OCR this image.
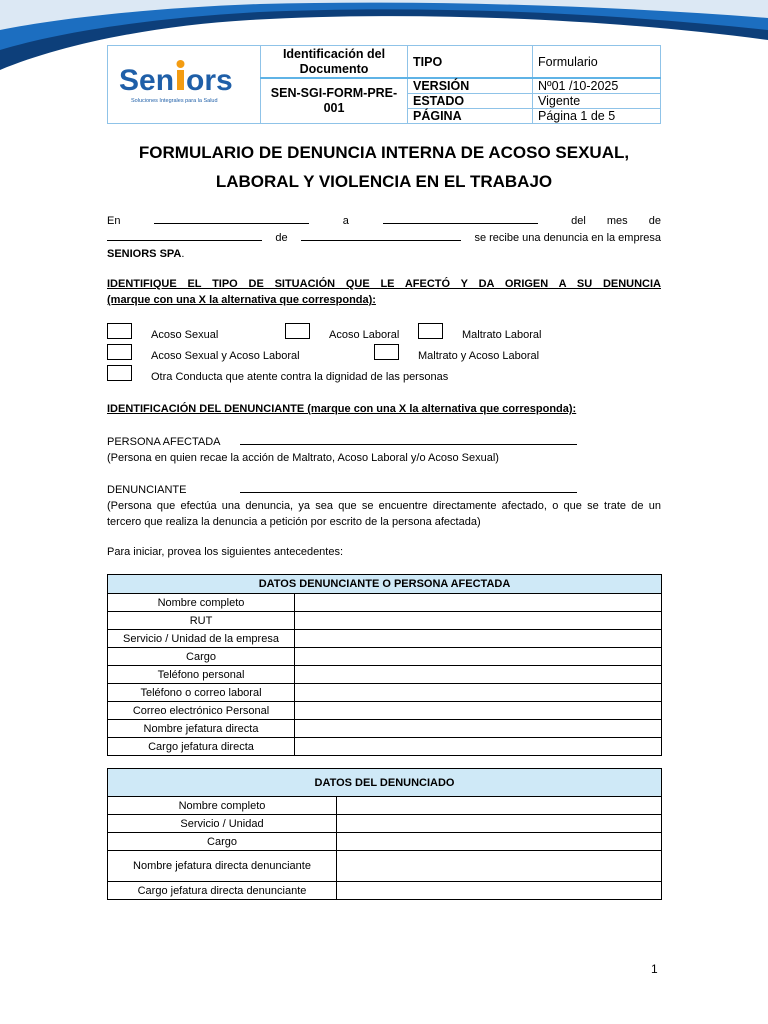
Sen ors
Soluciones Integrales para la Salud	Identificación del Documento	TIPO	Formulario
	SEN-SGI-FORM-PRE-001	VERSIÓN	Nº01 /10-2025
		ESTADO	Vigente
		PÁGINA	Página 1 de 5
FORMULARIO DE DENUNCIA INTERNA DE ACOSO SEXUAL,
LABORAL Y VIOLENCIA EN EL TRABAJO
En	a	del mes de
de	se recibe una denuncia en la empresa
SENIORS SPA.
IDENTIFIQUE EL TIPO DE SITUACIÓN QUE LE AFECTÓ Y DA ORIGEN A SU DENUNCIA
(marque con una X la alternativa que corresponda):
Acoso Sexual	Acoso Laboral	Maltrato Laboral
Acoso Sexual y Acoso Laboral	Maltrato y Acoso Laboral
Otra Conducta que atente contra la dignidad de las personas
IDENTIFICACIÓN DEL DENUNCIANTE (marque con una X la alternativa que corresponda):
PERSONA AFECTADA
(Persona en quien recae la acción de Maltrato, Acoso Laboral y/o Acoso Sexual)
DENUNCIANTE
(Persona que efectúa una denuncia, ya sea que se encuentre directamente afectado, o que se trate de un tercero que realiza la denuncia a petición por escrito de la persona afectada)
Para iniciar, provea los siguientes antecedentes:
DATOS DENUNCIANTE O PERSONA AFECTADA	
Nombre completo	
RUT	
Servicio / Unidad de la empresa	
Cargo	
Teléfono personal	
Teléfono o correo laboral	
Correo electrónico Personal	
Nombre jefatura directa	
Cargo jefatura directa	
DATOS DEL DENUNCIADO	
Nombre completo	
Servicio / Unidad	
Cargo	
Nombre jefatura directa denunciante	
Cargo jefatura directa denunciante	
1
